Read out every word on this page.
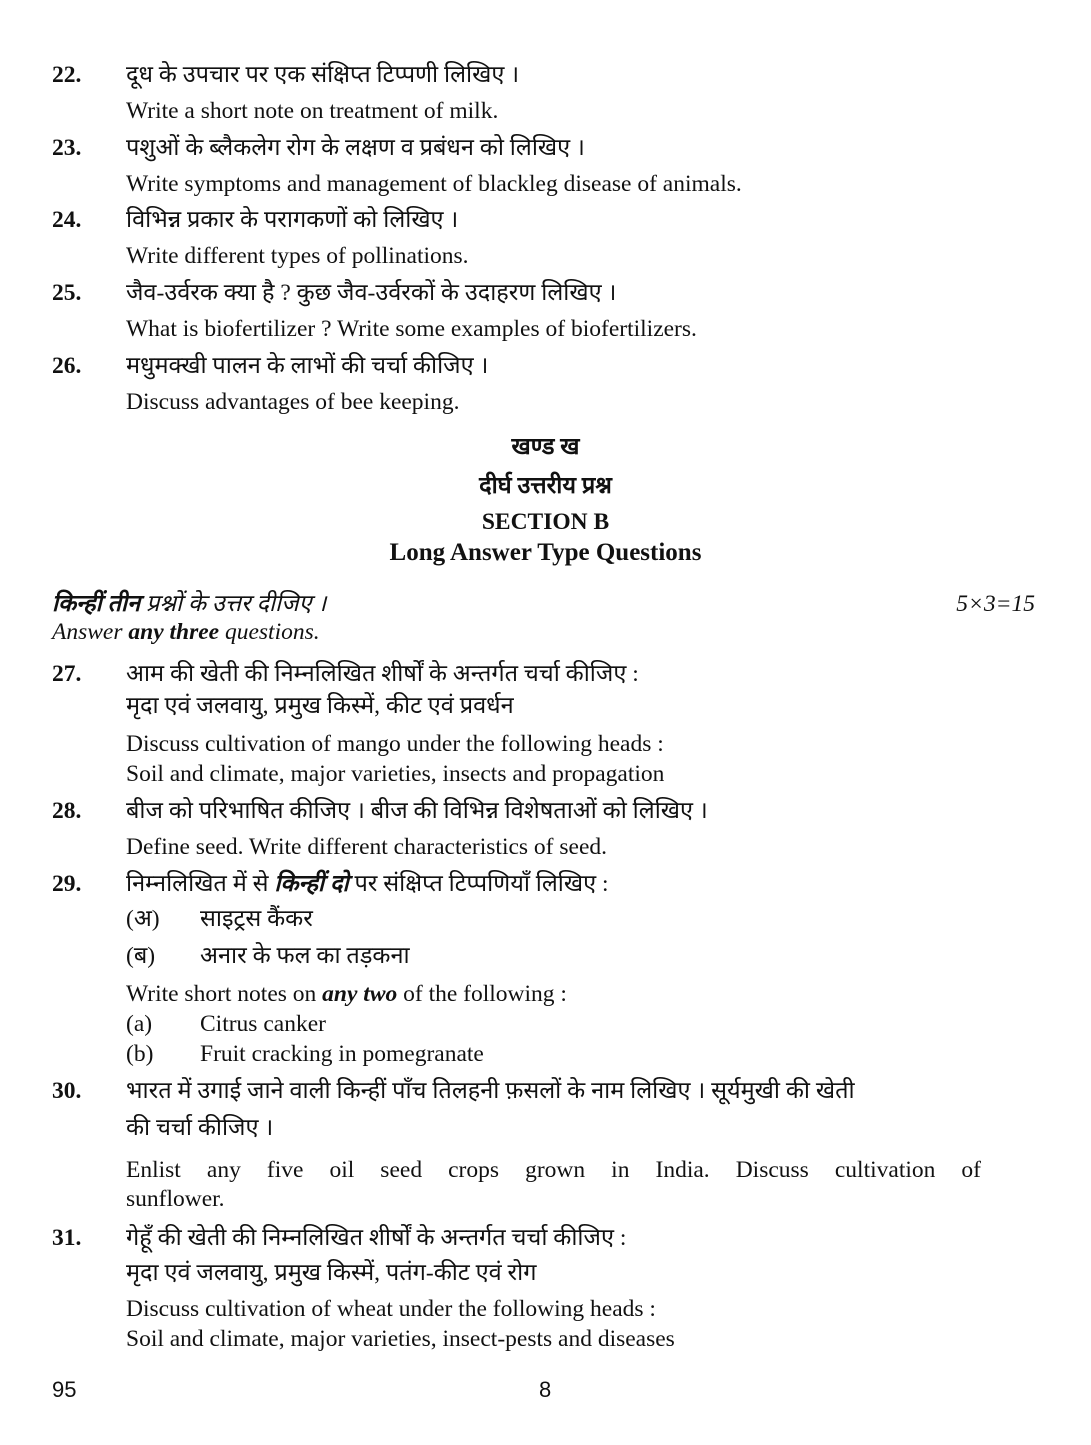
22. दूध के उपचार पर एक संक्षिप्त टिप्पणी लिखिए ।
Write a short note on treatment of milk.
23. पशुओं के ब्लैकलेग रोग के लक्षण व प्रबंधन को लिखिए ।
Write symptoms and management of blackleg disease of animals.
24. विभिन्न प्रकार के परागकणों को लिखिए ।
Write different types of pollinations.
25. जैव-उर्वरक क्या है ? कुछ जैव-उर्वरकों के उदाहरण लिखिए ।
What is biofertilizer ? Write some examples of biofertilizers.
26. मधुमक्खी पालन के लाभों की चर्चा कीजिए ।
Discuss advantages of bee keeping.
खण्ड ख
दीर्घ उत्तरीय प्रश्न
SECTION B
Long Answer Type Questions
किन्हीं तीन प्रश्नों के उत्तर दीजिए ।	5×3=15
Answer any three questions.
27. आम की खेती की निम्नलिखित शीर्षों के अन्तर्गत चर्चा कीजिए :
मृदा एवं जलवायु, प्रमुख किस्में, कीट एवं प्रवर्धन
Discuss cultivation of mango under the following heads :
Soil and climate, major varieties, insects and propagation
28. बीज को परिभाषित कीजिए । बीज की विभिन्न विशेषताओं को लिखिए ।
Define seed. Write different characteristics of seed.
29. निम्नलिखित में से किन्हीं दो पर संक्षिप्त टिप्पणियाँ लिखिए :
(अ) साइट्रस कैंकर
(ब) अनार के फल का तड़कना
Write short notes on any two of the following :
(a) Citrus canker
(b) Fruit cracking in pomegranate
30. भारत में उगाई जाने वाली किन्हीं पाँच तिलहनी फ़सलों के नाम लिखिए । सूर्यमुखी की खेती
की चर्चा कीजिए ।
Enlist any five oil seed crops grown in India. Discuss cultivation of
sunflower.
31. गेहूँ की खेती की निम्नलिखित शीर्षों के अन्तर्गत चर्चा कीजिए :
मृदा एवं जलवायु, प्रमुख किस्में, पतंग-कीट एवं रोग
Discuss cultivation of wheat under the following heads :
Soil and climate, major varieties, insect-pests and diseases
95	8
